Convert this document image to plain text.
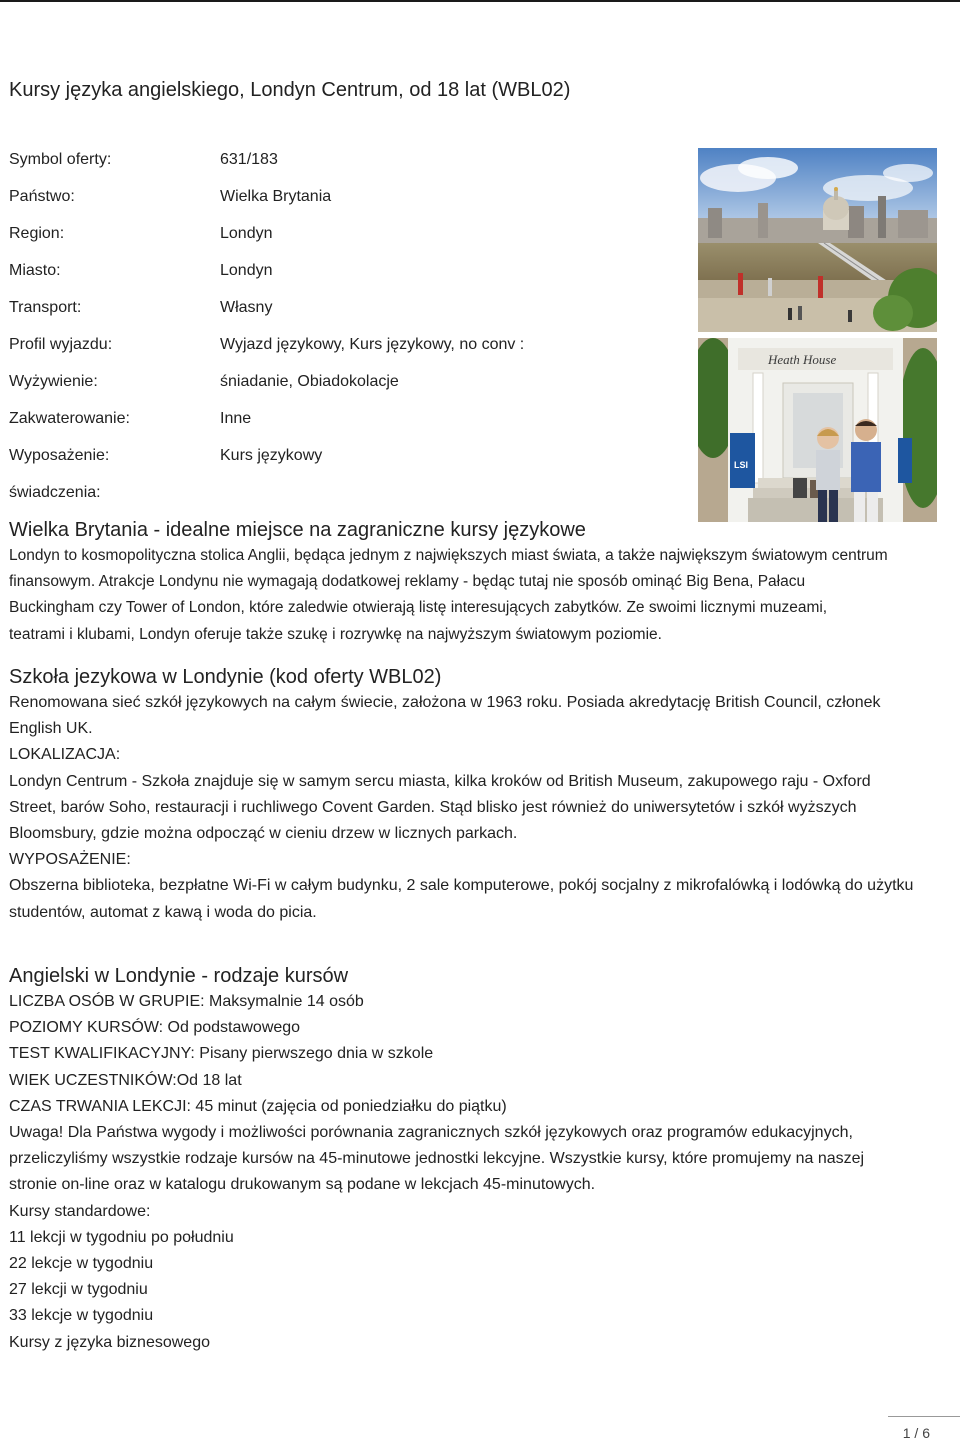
Kursy języka angielskiego, Londyn Centrum, od 18 lat (WBL02)
Symbol oferty:	631/183
Państwo:	Wielka Brytania
Region:	Londyn
Miasto:	Londyn
Transport:	Własny
Profil wyjazdu:	Wyjazd językowy, Kurs językowy, no conv :
Wyżywienie:	śniadanie, Obiadokolacje
Zakwaterowanie:	Inne
Wyposażenie:	Kurs językowy
świadczenia:
Heath House
LSI
Wielka Brytania - idealne miejsce na zagraniczne kursy językowe

Londyn to kosmopolityczna stolica Anglii, będąca jednym z największych miast świata, a także największym światowym centrum

finansowym. Atrakcje Londynu nie wymagają dodatkowej reklamy - będąc tutaj nie sposób ominąć Big Bena, Pałacu

Buckingham czy Tower of London, które zaledwie otwierają listę interesujących zabytków. Ze swoimi licznymi muzeami,

teatrami i klubami, Londyn oferuje także szukę i rozrywkę na najwyższym światowym poziomie.

Szkoła jezykowa w Londynie (kod oferty WBL02)

Renomowana sieć szkół językowych na całym świecie, założona w 1963 roku. Posiada akredytację British Council, członek

English UK.

LOKALIZACJA:

Londyn Centrum - Szkoła znajduje się w samym sercu miasta, kilka kroków od British Museum, zakupowego raju - Oxford

Street, barów Soho, restauracji i ruchliwego Covent Garden. Stąd blisko jest również do uniwersytetów i szkół wyższych

Bloomsbury, gdzie można odpocząć w cieniu drzew w licznych parkach.

WYPOSAŻENIE:

Obszerna biblioteka, bezpłatne Wi-Fi w całym budynku, 2 sale komputerowe, pokój socjalny z mikrofalówką i lodówką do użytku

studentów, automat z kawą i woda do picia.

Angielski w Londynie - rodzaje kursów

LICZBA OSÓB W GRUPIE: Maksymalnie 14 osób

POZIOMY KURSÓW: Od podstawowego

TEST KWALIFIKACYJNY: Pisany pierwszego dnia w szkole

WIEK UCZESTNIKÓW:Od 18 lat

CZAS TRWANIA LEKCJI: 45 minut (zajęcia od poniedziałku do piątku)

Uwaga! Dla Państwa wygody i możliwości porównania zagranicznych szkół językowych oraz programów edukacyjnych,

przeliczyliśmy wszystkie rodzaje kursów na 45-minutowe jednostki lekcyjne. Wszystkie kursy, które promujemy na naszej

stronie on-line oraz w katalogu drukowanym są podane w lekcjach 45-minutowych.

Kursy standardowe:

11 lekcji w tygodniu po południu

22 lekcje w tygodniu

27 lekcji w tygodniu

33 lekcje w tygodniu

Kursy z języka biznesowego

1 / 6
